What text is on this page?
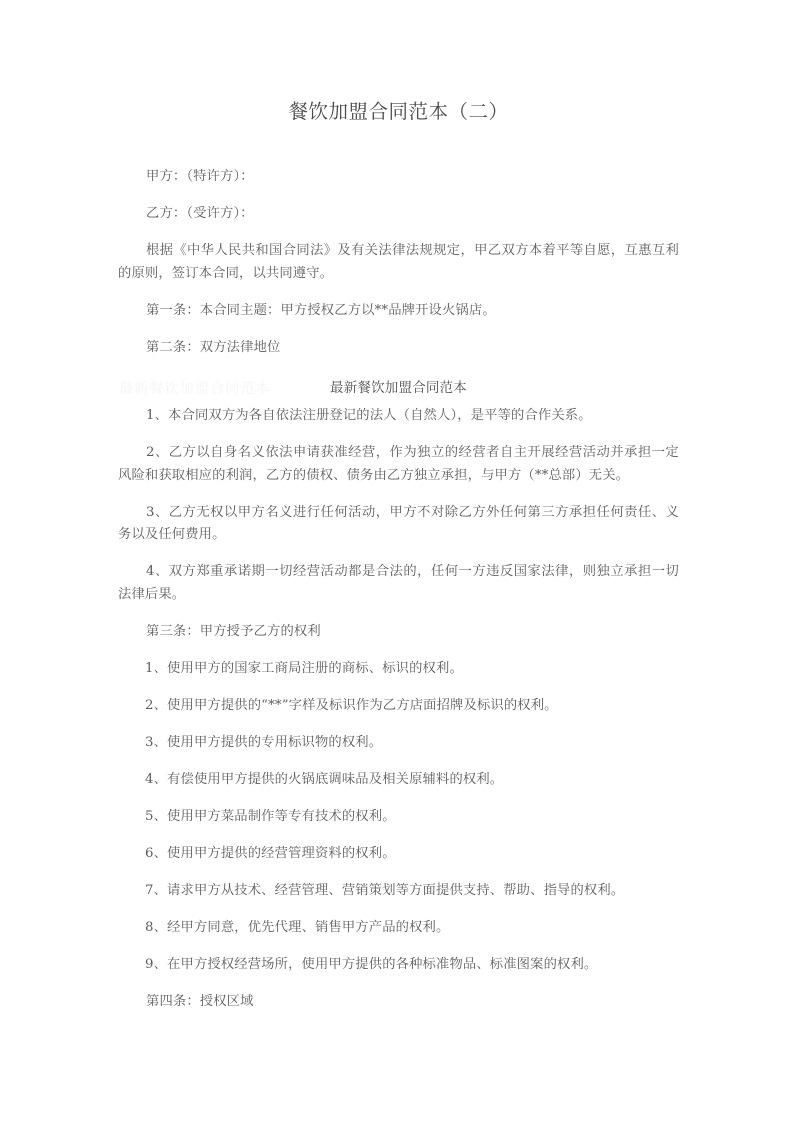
餐饮加盟合同范本（二）

甲方：（特许方）：

乙方：（受许方）：

根据《中华人民共和国合同法》及有关法律法规规定，甲乙双方本着平等自愿，互惠互利的原则，签订本合同，以共同遵守。

第一条：本合同主题：甲方授权乙方以**品牌开设火锅店。

第二条：双方法律地位

最新餐饮加盟合同范本	最新餐饮加盟合同范本

1、本合同双方为各自依法注册登记的法人（自然人），是平等的合作关系。

2、乙方以自身名义依法申请获准经营，作为独立的经营者自主开展经营活动并承担一定风险和获取相应的利润，乙方的债权、债务由乙方独立承担，与甲方（**总部）无关。

3、乙方无权以甲方名义进行任何活动，甲方不对除乙方外任何第三方承担任何责任、义务以及任何费用。

4、双方郑重承诺期一切经营活动都是合法的，任何一方违反国家法律，则独立承担一切法律后果。

第三条：甲方授予乙方的权利

1、使用甲方的国家工商局注册的商标、标识的权利。

2、使用甲方提供的“**”字样及标识作为乙方店面招牌及标识的权利。

3、使用甲方提供的专用标识物的权利。

4、有偿使用甲方提供的火锅底调味品及相关原辅料的权利。

5、使用甲方菜品制作等专有技术的权利。

6、使用甲方提供的经营管理资料的权利。

7、请求甲方从技术、经营管理、营销策划等方面提供支持、帮助、指导的权利。

8、经甲方同意，优先代理、销售甲方产品的权利。

9、在甲方授权经营场所，使用甲方提供的各种标准物品、标准图案的权利。

第四条：授权区域
